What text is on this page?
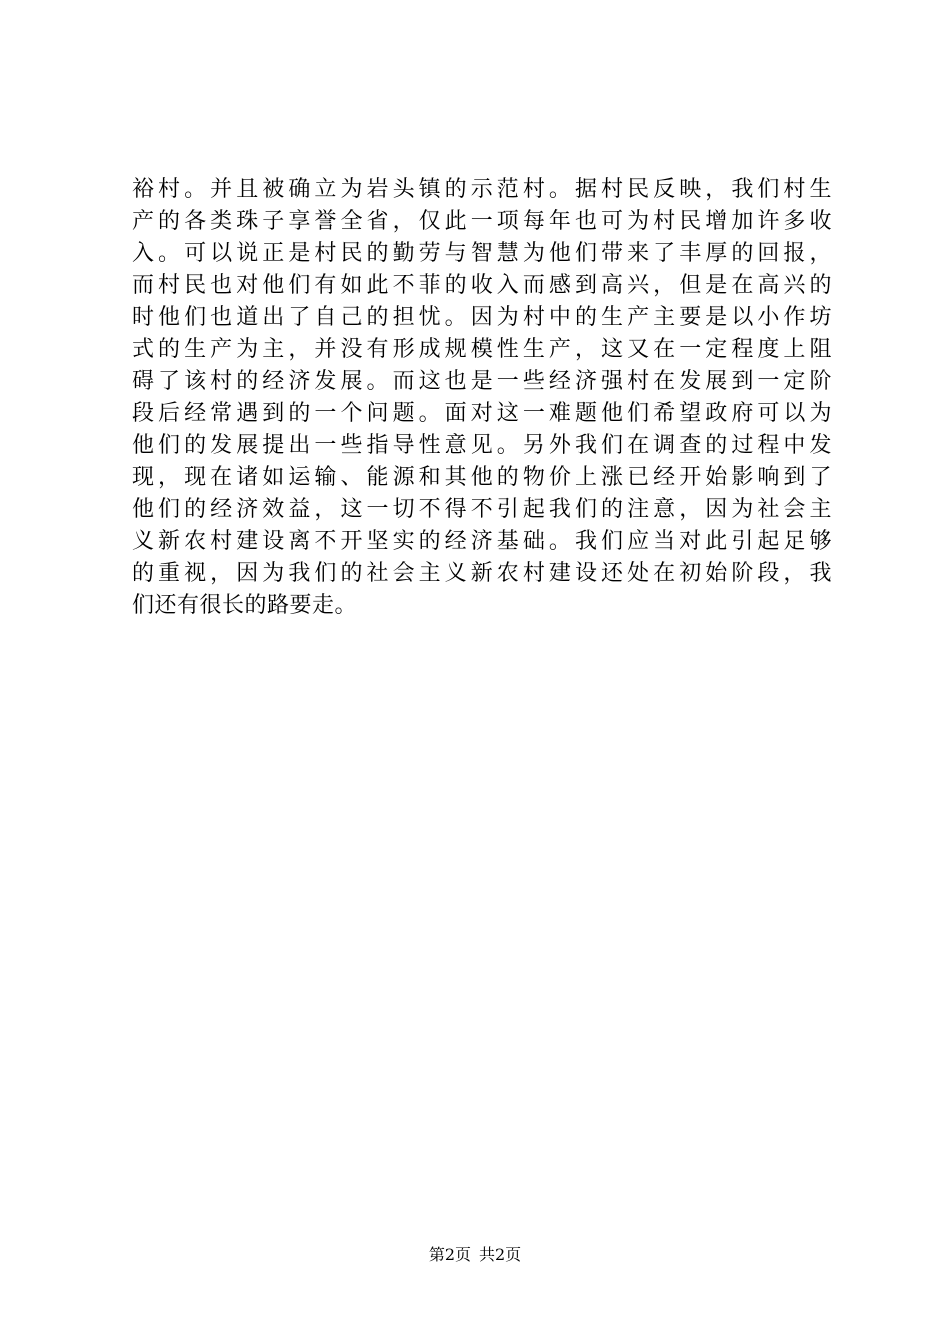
裕村。并且被确立为岩头镇的示范村。据村民反映，我们村生
产的各类珠子享誉全省，仅此一项每年也可为村民增加许多收
入。可以说正是村民的勤劳与智慧为他们带来了丰厚的回报，
而村民也对他们有如此不菲的收入而感到高兴，但是在高兴的
时他们也道出了自己的担忧。因为村中的生产主要是以小作坊
式的生产为主，并没有形成规模性生产，这又在一定程度上阻
碍了该村的经济发展。而这也是一些经济强村在发展到一定阶
段后经常遇到的一个问题。面对这一难题他们希望政府可以为
他们的发展提出一些指导性意见。另外我们在调查的过程中发
现，现在诸如运输、能源和其他的物价上涨已经开始影响到了
他们的经济效益，这一切不得不引起我们的注意，因为社会主
义新农村建设离不开坚实的经济基础。我们应当对此引起足够
的重视，因为我们的社会主义新农村建设还处在初始阶段，我
们还有很长的路要走。
第2页 共2页
